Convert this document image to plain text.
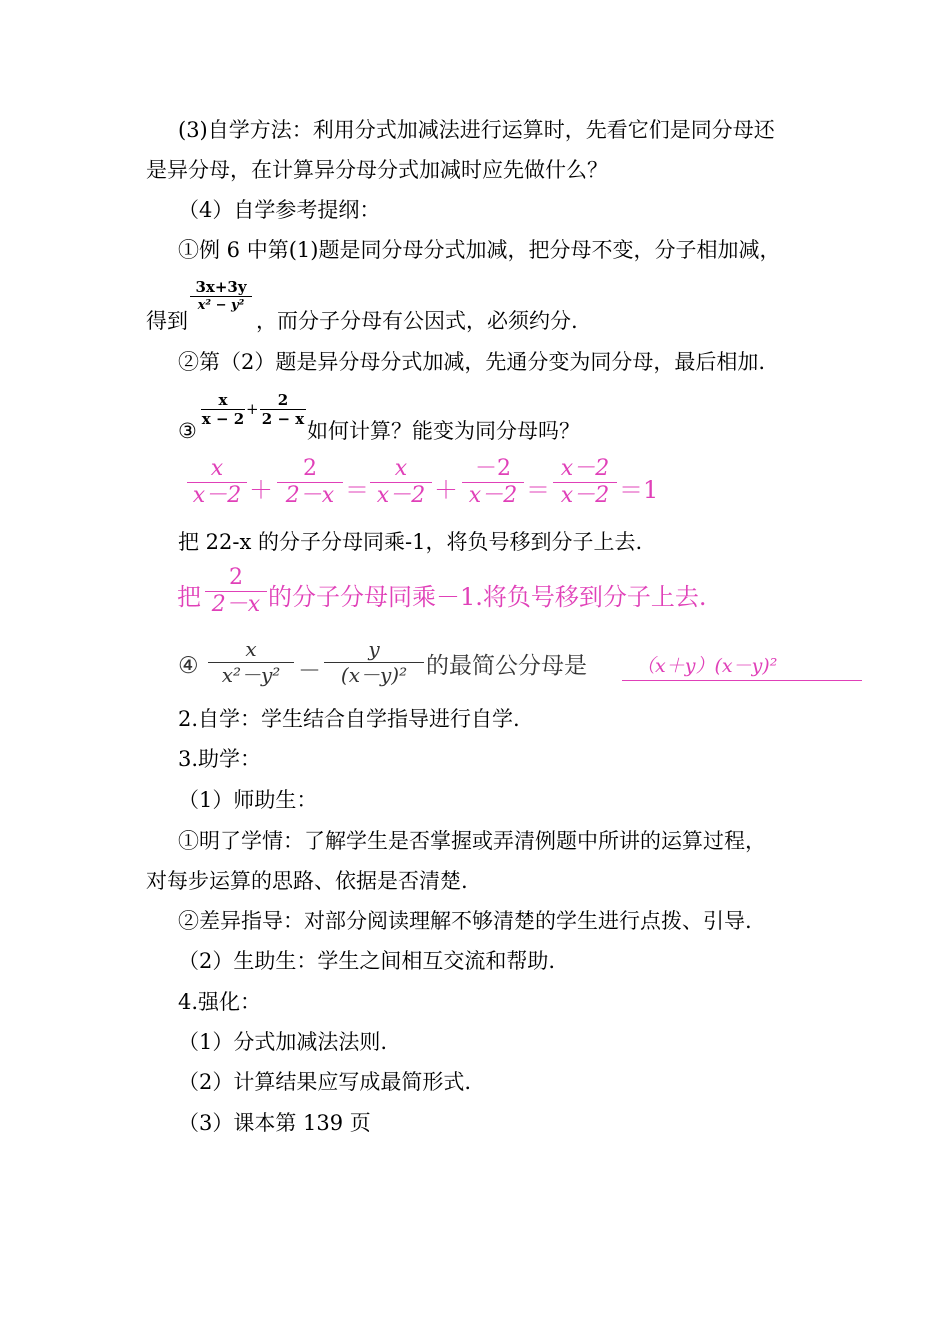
(3)自学方法：利用分式加减法进行运算时，先看它们是同分母还
是异分母，在计算异分母分式加减时应先做什么？
（4）自学参考提纲：
①例 6 中第(1)题是同分母分式加减，把分母不变，分子相加减，
得到
3x+3y
x² − y²
，而分子分母有公因式，必须约分.
②第（2）题是异分母分式加减，先通分变为同分母，最后相加.
③
x
x − 2
+	2
2 − x 如何计算？能变为同分母吗？
x
x－2 ＋
2
2－x ＝
x
x－2 ＋
－2
x－2 ＝
x－2
x－2 ＝1
把 22-x 的分子分母同乘-1，将负号移到分子上去.
把
2
2－x 的分子分母同乘－1.将负号移到分子上去.
④
x
x²－y² －
y
(x－y)² 的最简公分母是	（x＋y）(x－y)²
2.自学：学生结合自学指导进行自学.
3.助学：
（1）师助生：
①明了学情：了解学生是否掌握或弄清例题中所讲的运算过程，
对每步运算的思路、依据是否清楚.
②差异指导：对部分阅读理解不够清楚的学生进行点拨、引导.
（2）生助生：学生之间相互交流和帮助.
4.强化：
（1）分式加减法法则.
（2）计算结果应写成最简形式.
（3）课本第 139 页
